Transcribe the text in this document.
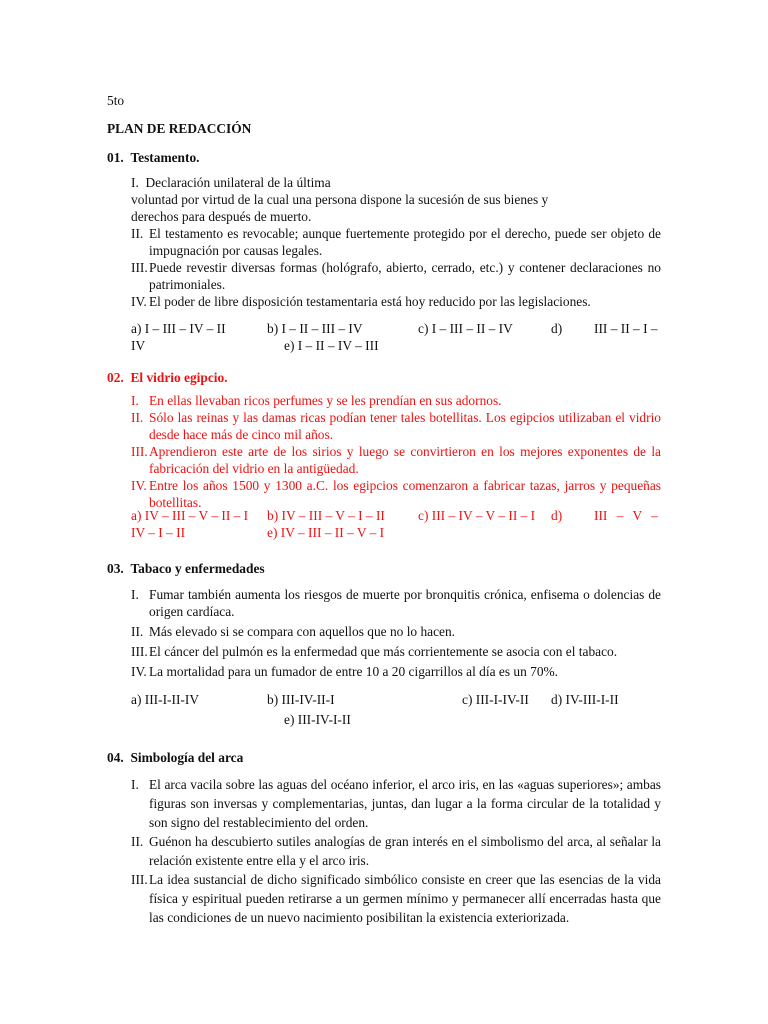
5to
PLAN DE REDACCIÓN
01. Testamento.
I. Declaración unilateral de la última
voluntad por virtud de la cual una persona dispone la sucesión de sus bienes y
derechos para después de muerto.
II. El testamento es revocable; aunque fuertemente protegido por el derecho, puede ser objeto de impugnación por causas legales.
III. Puede revestir diversas formas (hológrafo, abierto, cerrado, etc.) y contener declaraciones no patrimoniales.
IV. El poder de libre disposición testamentaria está hoy reducido por las legislaciones.
a) I – III – IV – II	b) I – II – III – IV	c) I – III – II – IV	d) III – II – I –
IV	e) I – II – IV – III
02. El vidrio egipcio.
I. En ellas llevaban ricos perfumes y se les prendían en sus adornos.
II. Sólo las reinas y las damas ricas podían tener tales botellitas. Los egipcios utilizaban el vidrio desde hace más de cinco mil años.
III. Aprendieron este arte de los sirios y luego se convirtieron en los mejores exponentes de la fabricación del vidrio en la antigüedad.
IV. Entre los años 1500 y 1300 a.C. los egipcios comenzaron a fabricar tazas, jarros y pequeñas botellitas.
a) IV – III – V – II – I b) IV – III – V – I – II c) III – IV – V – II – I d) III – V –
IV – I – II	e) IV – III – II – V – I
03. Tabaco y enfermedades
I. Fumar también aumenta los riesgos de muerte por bronquitis crónica, enfisema o dolencias de origen cardíaca.
II. Más elevado si se compara con aquellos que no lo hacen.
III. El cáncer del pulmón es la enfermedad que más corrientemente se asocia con el tabaco.
IV. La mortalidad para un fumador de entre 10 a 20 cigarrillos al día es un 70%.
a) III-I-II-IV	b) III-IV-II-I	c) III-I-IV-II d) IV-III-I-II
e) III-IV-I-II
04. Simbología del arca
I. El arca vacila sobre las aguas del océano inferior, el arco iris, en las «aguas superiores»; ambas figuras son inversas y complementarias, juntas, dan lugar a la forma circular de la totalidad y son signo del restablecimiento del orden.
II. Guénon ha descubierto sutiles analogías de gran interés en el simbolismo del arca, al señalar la relación existente entre ella y el arco iris.
III. La idea sustancial de dicho significado simbólico consiste en creer que las esencias de la vida física y espiritual pueden retirarse a un germen mínimo y permanecer allí encerradas hasta que las condiciones de un nuevo nacimiento posibilitan la existencia exteriorizada.
